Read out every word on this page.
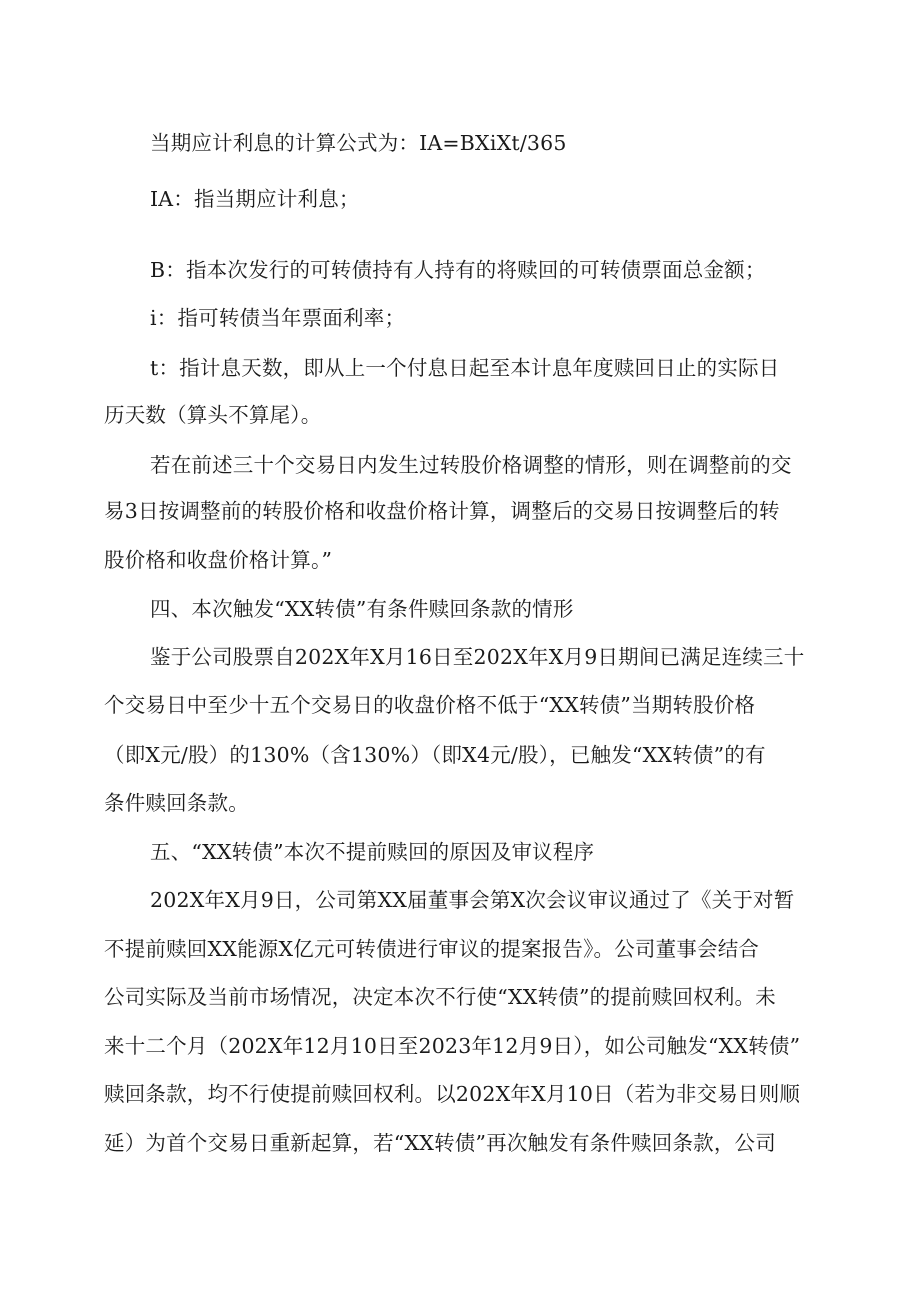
当期应计利息的计算公式为：IA=BXiXt/365
IA：指当期应计利息；
B：指本次发行的可转债持有人持有的将赎回的可转债票面总金额；
i：指可转债当年票面利率；
t：指计息天数，即从上一个付息日起至本计息年度赎回日止的实际日
历天数（算头不算尾）。
若在前述三十个交易日内发生过转股价格调整的情形，则在调整前的交
易3日按调整前的转股价格和收盘价格计算，调整后的交易日按调整后的转
股价格和收盘价格计算。”
四、本次触发“XX转债”有条件赎回条款的情形
鉴于公司股票自202X年X月16日至202X年X月9日期间已满足连续三十
个交易日中至少十五个交易日的收盘价格不低于“XX转债”当期转股价格
（即X元/股）的130%（含130%）（即X4元/股），已触发“XX转债”的有
条件赎回条款。
五、“XX转债”本次不提前赎回的原因及审议程序
202X年X月9日，公司第XX届董事会第X次会议审议通过了《关于对暂
不提前赎回XX能源X亿元可转债进行审议的提案报告》。公司董事会结合
公司实际及当前市场情况，决定本次不行使“XX转债”的提前赎回权利。未
来十二个月（202X年12月10日至2023年12月9日），如公司触发“XX转债”
赎回条款，均不行使提前赎回权利。以202X年X月10日（若为非交易日则顺
延）为首个交易日重新起算，若“XX转债”再次触发有条件赎回条款，公司
